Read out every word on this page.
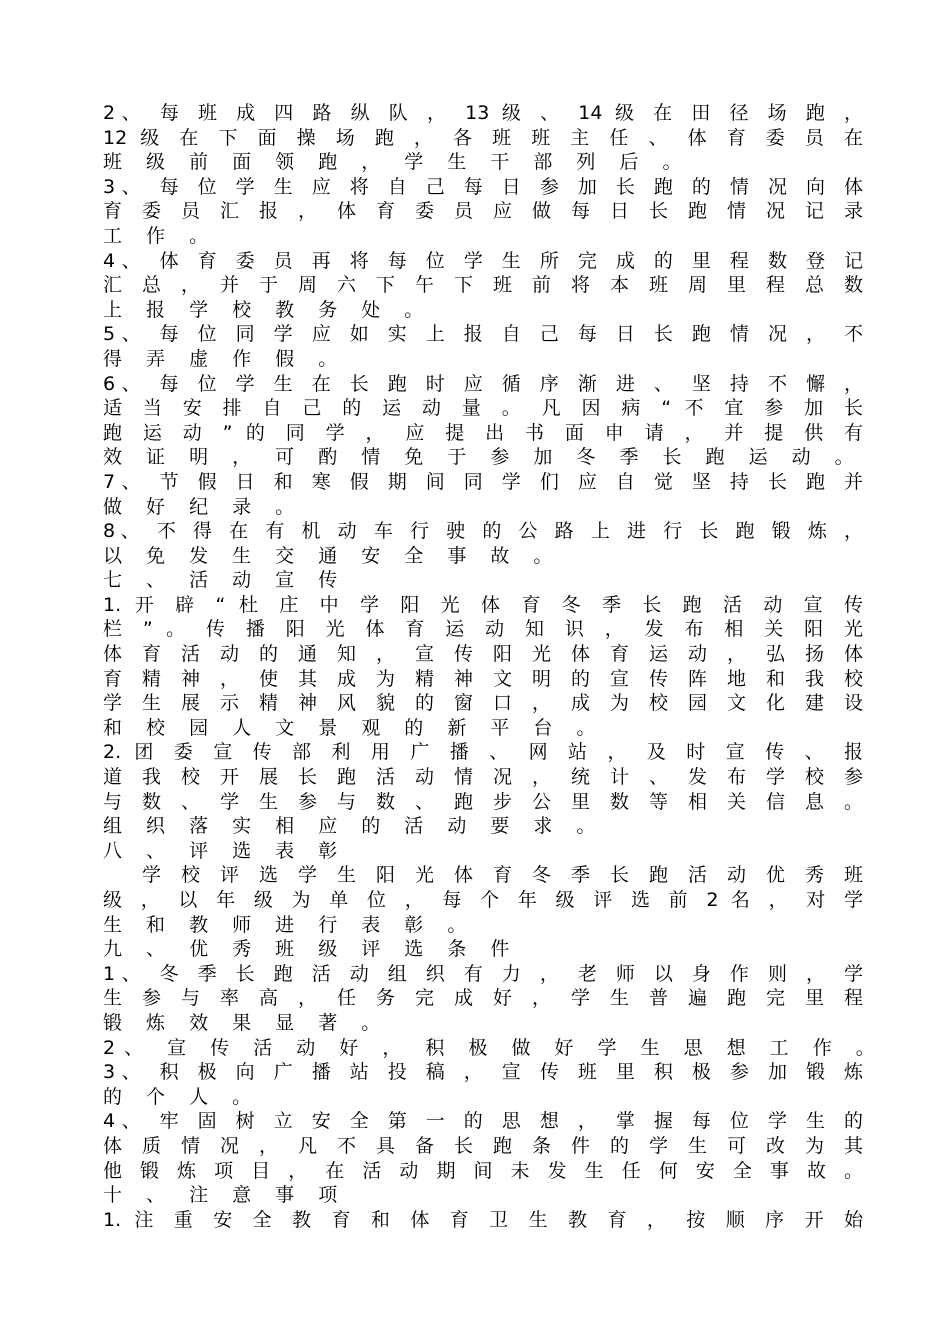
2、 每 班 成 四 路 纵 队 ， 13 级 、 14 级 在 田 径 场 跑 ，
12 级 在 下 面 操 场 跑 ， 各 班 班 主 任 、 体 育 委 员 在
班 级 前 面 领 跑 ， 学 生 干 部 列 后 。
3、 每 位 学 生 应 将 自 己 每 日 参 加 长 跑 的 情 况 向 体
育 委 员 汇 报 ， 体 育 委 员 应 做 每 日 长 跑 情 况 记 录
工 作 。
4、 体 育 委 员 再 将 每 位 学 生 所 完 成 的 里 程 数 登 记
汇 总 ， 并 于 周 六 下 午 下 班 前 将 本 班 周 里 程 总 数
上 报 学 校 教 务 处 。
5、 每 位 同 学 应 如 实 上 报 自 己 每 日 长 跑 情 况 ， 不
得 弄 虚 作 假 。
6、 每 位 学 生 在 长 跑 时 应 循 序 渐 进 、 坚 持 不 懈 ，
适 当 安 排 自 己 的 运 动 量 。 凡 因 病 “ 不 宜 参 加 长
跑 运 动 ” 的 同 学 ， 应 提 出 书 面 申 请 ， 并 提 供 有
效 证 明 ， 可 酌 情 免 于 参 加 冬 季 长 跑 运 动 。
7、 节 假 日 和 寒 假 期 间 同 学 们 应 自 觉 坚 持 长 跑 并
做 好 纪 录 。
8、 不 得 在 有 机 动 车 行 驶 的 公 路 上 进 行 长 跑 锻 炼 ，
以 免 发 生 交 通 安 全 事 故 。
七 、 活 动 宣 传
1. 开 辟 “ 杜 庄 中 学 阳 光 体 育 冬 季 长 跑 活 动 宣 传
栏 ” 。 传 播 阳 光 体 育 运 动 知 识 ， 发 布 相 关 阳 光
体 育 活 动 的 通 知 ， 宣 传 阳 光 体 育 运 动 ， 弘 扬 体
育 精 神 ， 使 其 成 为 精 神 文 明 的 宣 传 阵 地 和 我 校
学 生 展 示 精 神 风 貌 的 窗 口 ， 成 为 校 园 文 化 建 设
和 校 园 人 文 景 观 的 新 平 台 。
2. 团 委 宣 传 部 利 用 广 播 、 网 站 ， 及 时 宣 传 、 报
道 我 校 开 展 长 跑 活 动 情 况 ， 统 计 、 发 布 学 校 参
与 数 、 学 生 参 与 数 、 跑 步 公 里 数 等 相 关 信 息 。
组 织 落 实 相 应 的 活 动 要 求 。
八 、 评 选 表 彰
　 学 校 评 选 学 生 阳 光 体 育 冬 季 长 跑 活 动 优 秀 班
级 ， 以 年 级 为 单 位 ， 每 个 年 级 评 选 前 2 名 ， 对 学
生 和 教 师 进 行 表 彰 。
九 、 优 秀 班 级 评 选 条 件
1、 冬 季 长 跑 活 动 组 织 有 力 ， 老 师 以 身 作 则 ， 学
生 参 与 率 高 ， 任 务 完 成 好 ， 学 生 普 遍 跑 完 里 程
锻 炼 效 果 显 著 。
2、 宣 传 活 动 好 ， 积 极 做 好 学 生 思 想 工 作 。
3、 积 极 向 广 播 站 投 稿 ， 宣 传 班 里 积 极 参 加 锻 炼
的 个 人 。
4、 牢 固 树 立 安 全 第 一 的 思 想 ， 掌 握 每 位 学 生 的
体 质 情 况 ， 凡 不 具 备 长 跑 条 件 的 学 生 可 改 为 其
他 锻 炼 项 目 ， 在 活 动 期 间 未 发 生 任 何 安 全 事 故 。
十 、 注 意 事 项
1. 注 重 安 全 教 育 和 体 育 卫 生 教 育 ， 按 顺 序 开 始
